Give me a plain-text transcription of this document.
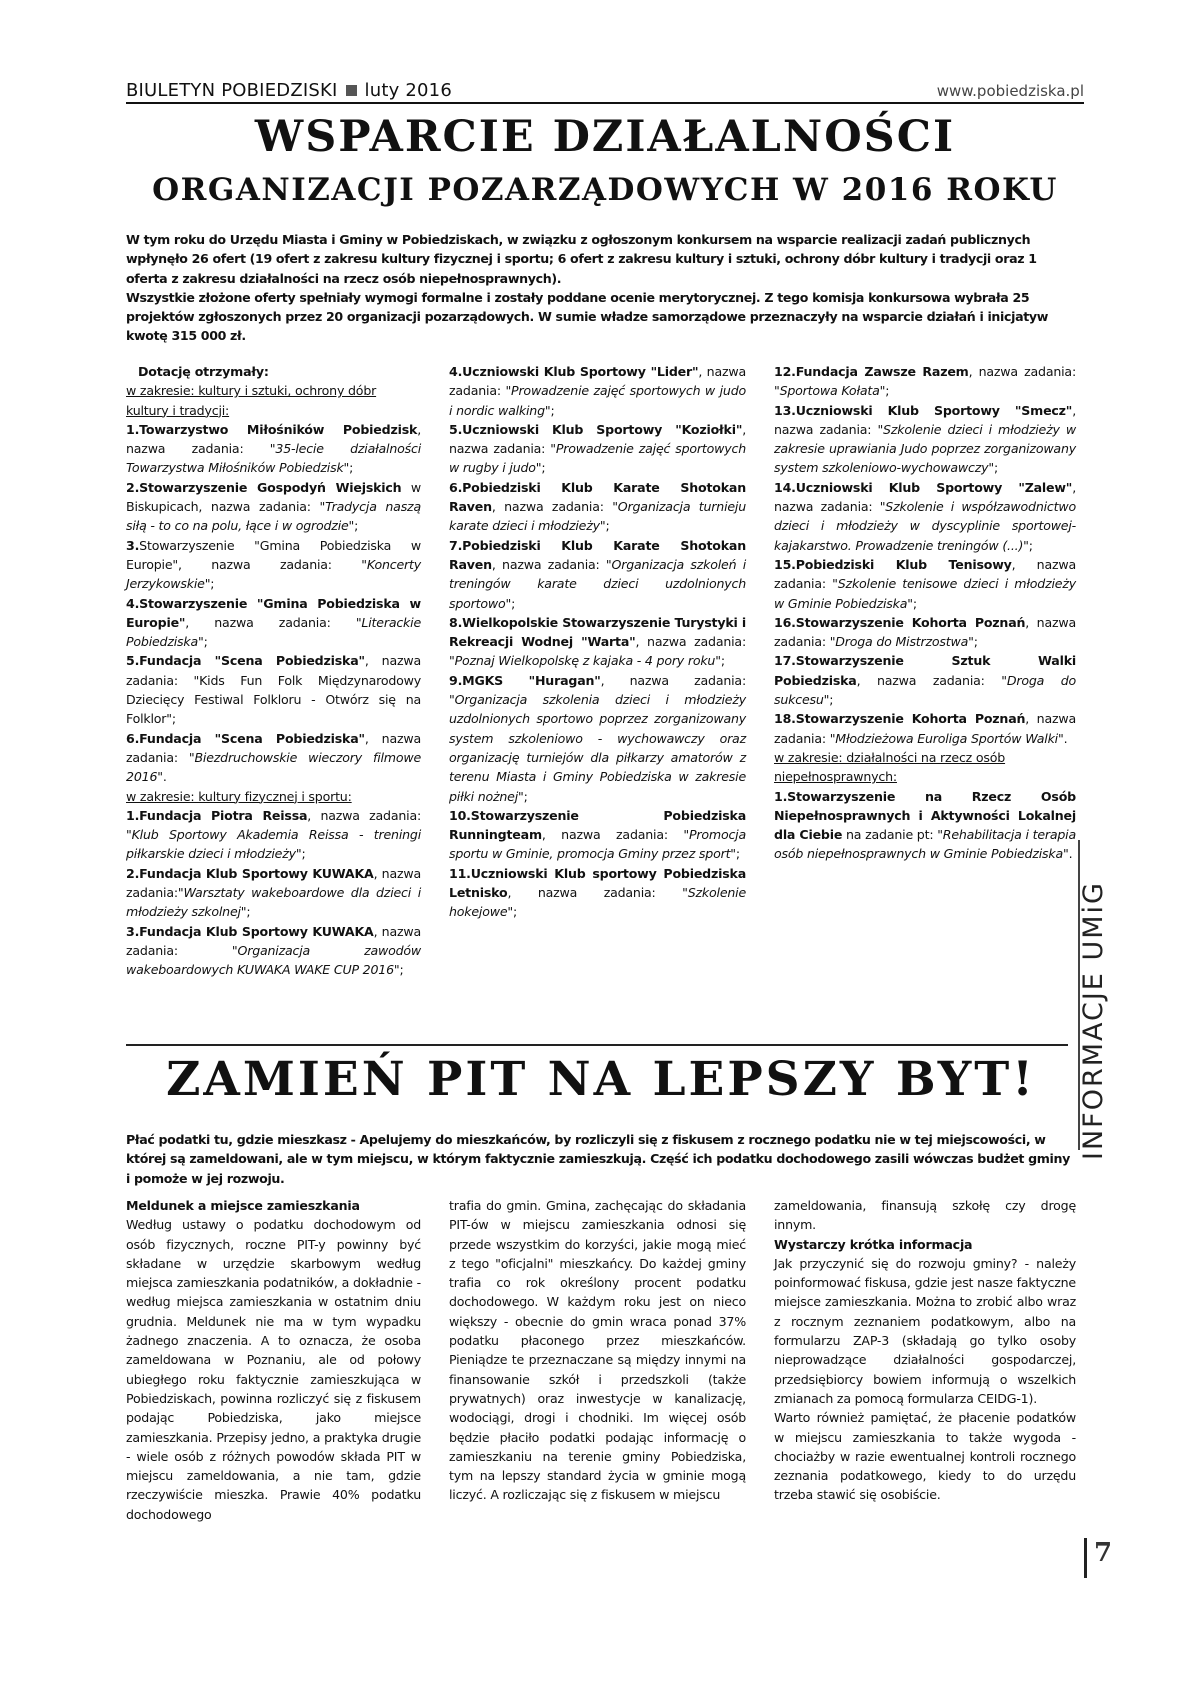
BIULETYN POBIEDZISKI luty 2016	www.pobiedziska.pl
WSPARCIE DZIAŁALNOŚCI
ORGANIZACJI POZARZĄDOWYCH W 2016 ROKU

W tym roku do Urzędu Miasta i Gminy w Pobiedziskach, w związku z ogłoszonym konkursem na wsparcie realizacji zadań publicznych wpłynęło 26 ofert (19 ofert z zakresu kultury fizycznej i sportu; 6 ofert z zakresu kultury i sztuki, ochrony dóbr kultury i tradycji oraz 1 oferta z zakresu działalności na rzecz osób niepełnosprawnych).

Wszystkie złożone oferty spełniały wymogi formalne i zostały poddane ocenie merytorycznej. Z tego komisja konkursowa wybrała 25 projektów zgłoszonych przez 20 organizacji pozarządowych. W sumie władze samorządowe przeznaczyły na wsparcie działań i inicjatyw kwotę 315 000 zł.

Dotację otrzymały:

w zakresie: kultury i sztuki, ochrony dóbr kultury i tradycji:

1.Towarzystwo Miłośników Pobiedzisk, nazwa zadania: "35-lecie działalności Towarzystwa Miłośników Pobiedzisk";

2.Stowarzyszenie Gospodyń Wiejskich w Biskupicach, nazwa zadania: "Tradycja naszą siłą - to co na polu, łące i w ogrodzie";

3.Stowarzyszenie "Gmina Pobiedziska w Europie", nazwa zadania: "Koncerty Jerzykowskie";

4.Stowarzyszenie "Gmina Pobiedziska w Europie", nazwa zadania: "Literackie Pobiedziska";

5.Fundacja "Scena Pobiedziska", nazwa zadania: "Kids Fun Folk Międzynarodowy Dziecięcy Festiwal Folkloru - Otwórz się na Folklor";

6.Fundacja "Scena Pobiedziska", nazwa zadania: "Biezdruchowskie wieczory filmowe 2016".

w zakresie: kultury fizycznej i sportu:

1.Fundacja Piotra Reissa, nazwa zadania: "Klub Sportowy Akademia Reissa - treningi piłkarskie dzieci i młodzieży";

2.Fundacja Klub Sportowy KUWAKA, nazwa zadania:"Warsztaty wakeboardowe dla dzieci i młodzieży szkolnej";

3.Fundacja Klub Sportowy KUWAKA, nazwa zadania: "Organizacja zawodów wakeboardowych KUWAKA WAKE CUP 2016";

4.Uczniowski Klub Sportowy "Lider", nazwa zadania: "Prowadzenie zajęć sportowych w judo i nordic walking";

5.Uczniowski Klub Sportowy "Koziołki", nazwa zadania: "Prowadzenie zajęć sportowych w rugby i judo";

6.Pobiedziski Klub Karate Shotokan Raven, nazwa zadania: "Organizacja turnieju karate dzieci i młodzieży";

7.Pobiedziski Klub Karate Shotokan Raven, nazwa zadania: "Organizacja szkoleń i treningów karate dzieci uzdolnionych sportowo";

8.Wielkopolskie Stowarzyszenie Turystyki i Rekreacji Wodnej "Warta", nazwa zadania: "Poznaj Wielkopolskę z kajaka - 4 pory roku";

9.MGKS "Huragan", nazwa zadania: "Organizacja szkolenia dzieci i młodzieży uzdolnionych sportowo poprzez zorganizowany system szkoleniowo - wychowawczy oraz organizację turniejów dla piłkarzy amatorów z terenu Miasta i Gminy Pobiedziska w zakresie piłki nożnej";

10.Stowarzyszenie Pobiedziska Runningteam, nazwa zadania: "Promocja sportu w Gminie, promocja Gminy przez sport";

11.Uczniowski Klub sportowy Pobiedziska Letnisko, nazwa zadania: "Szkolenie hokejowe";

12.Fundacja Zawsze Razem, nazwa zadania: "Sportowa Kołata";

13.Uczniowski Klub Sportowy "Smecz", nazwa zadania: "Szkolenie dzieci i młodzieży w zakresie uprawiania Judo poprzez zorganizowany system szkoleniowo-wychowawczy";

14.Uczniowski Klub Sportowy "Zalew", nazwa zadania: "Szkolenie i współzawodnictwo dzieci i młodzieży w dyscyplinie sportowej-kajakarstwo. Prowadzenie treningów (...)";

15.Pobiedziski Klub Tenisowy, nazwa zadania: "Szkolenie tenisowe dzieci i młodzieży w Gminie Pobiedziska";

16.Stowarzyszenie Kohorta Poznań, nazwa zadania: "Droga do Mistrzostwa";

17.Stowarzyszenie Sztuk Walki Pobiedziska, nazwa zadania: "Droga do sukcesu";

18.Stowarzyszenie Kohorta Poznań, nazwa zadania: "Młodzieżowa Euroliga Sportów Walki".

w zakresie: działalności na rzecz osób niepełnosprawnych:

1.Stowarzyszenie na Rzecz Osób Niepełnosprawnych i Aktywności Lokalnej dla Ciebie na zadanie pt: "Rehabilitacja i terapia osób niepełnosprawnych w Gminie Pobiedziska".

INFORMACJE UMiG
ZAMIEŃ PIT NA LEPSZY BYT!
Płać podatki tu, gdzie mieszkasz - Apelujemy do mieszkańców, by rozliczyli się z fiskusem z rocznego podatku nie w tej miejscowości, w której są zameldowani, ale w tym miejscu, w którym faktycznie zamieszkują. Część ich podatku dochodowego zasili wówczas budżet gminy i pomoże w jej rozwoju.

Meldunek a miejsce zamieszkania

Według ustawy o podatku dochodowym od osób fizycznych, roczne PIT-y powinny być składane w urzędzie skarbowym według miejsca zamieszkania podatników, a dokładnie - według miejsca zamieszkania w ostatnim dniu grudnia. Meldunek nie ma w tym wypadku żadnego znaczenia. A to oznacza, że osoba zameldowana w Poznaniu, ale od połowy ubiegłego roku faktycznie zamieszkująca w Pobiedziskach, powinna rozliczyć się z fiskusem podając Pobiedziska, jako miejsce zamieszkania. Przepisy jedno, a praktyka drugie - wiele osób z różnych powodów składa PIT w miejscu zameldowania, a nie tam, gdzie rzeczywiście mieszka. Prawie 40% podatku dochodowego

trafia do gmin. Gmina, zachęcając do składania PIT-ów w miejscu zamieszkania odnosi się przede wszystkim do korzyści, jakie mogą mieć z tego "oficjalni" mieszkańcy. Do każdej gminy trafia co rok określony procent podatku dochodowego. W każdym roku jest on nieco większy - obecnie do gmin wraca ponad 37% podatku płaconego przez mieszkańców. Pieniądze te przeznaczane są między innymi na finansowanie szkół i przedszkoli (także prywatnych) oraz inwestycje w kanalizację, wodociągi, drogi i chodniki. Im więcej osób będzie płaciło podatki podając informację o zamieszkaniu na terenie gminy Pobiedziska, tym na lepszy standard życia w gminie mogą liczyć. A rozliczając się z fiskusem w miejscu

zameldowania, finansują szkołę czy drogę innym.

Wystarczy krótka informacja

Jak przyczynić się do rozwoju gminy? - należy poinformować fiskusa, gdzie jest nasze faktyczne miejsce zamieszkania. Można to zrobić albo wraz z rocznym zeznaniem podatkowym, albo na formularzu ZAP-3 (składają go tylko osoby nieprowadzące działalności gospodarczej, przedsiębiorcy bowiem informują o wszelkich zmianach za pomocą formularza CEIDG-1).

Warto również pamiętać, że płacenie podatków w miejscu zamieszkania to także wygoda - chociażby w razie ewentualnej kontroli rocznego zeznania podatkowego, kiedy to do urzędu trzeba stawić się osobiście.

7
